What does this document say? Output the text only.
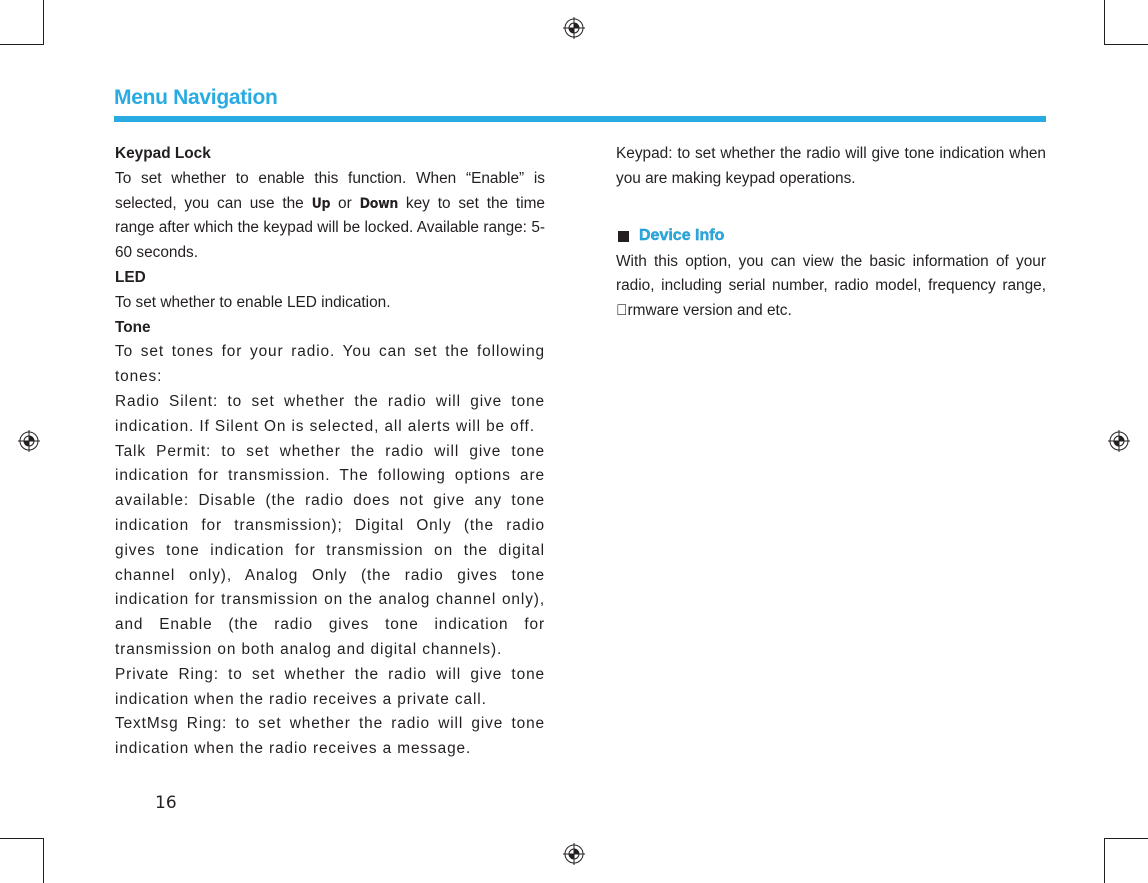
Menu Navigation
Keypad Lock

To set whether to enable this function. When “Enable” is selected, you can use the Up or Down key to set the time range after which the keypad will be locked. Available range: 5-60 seconds.

LED

To set whether to enable LED indication.

Tone

To set tones for your radio. You can set the following tones:

Radio Silent: to set whether the radio will give tone indication. If Silent On is selected, all alerts will be off.

Talk Permit: to set whether the radio will give tone indication for transmission. The following options are available: Disable (the radio does not give any tone indication for transmission); Digital Only (the radio gives tone indication for transmission on the digital channel only), Analog Only (the radio gives tone indication for transmission on the analog channel only), and Enable (the radio gives tone indication for transmission on both analog and digital channels).

Private Ring: to set whether the radio will give tone indication when the radio receives a private call.

TextMsg Ring: to set whether the radio will give tone indication when the radio receives a message.

Keypad: to set whether the radio will give tone indication when you are making keypad operations.

Device Info

With this option, you can view the basic information of your radio, including serial number, radio model, frequency range, rmware version and etc.

16
